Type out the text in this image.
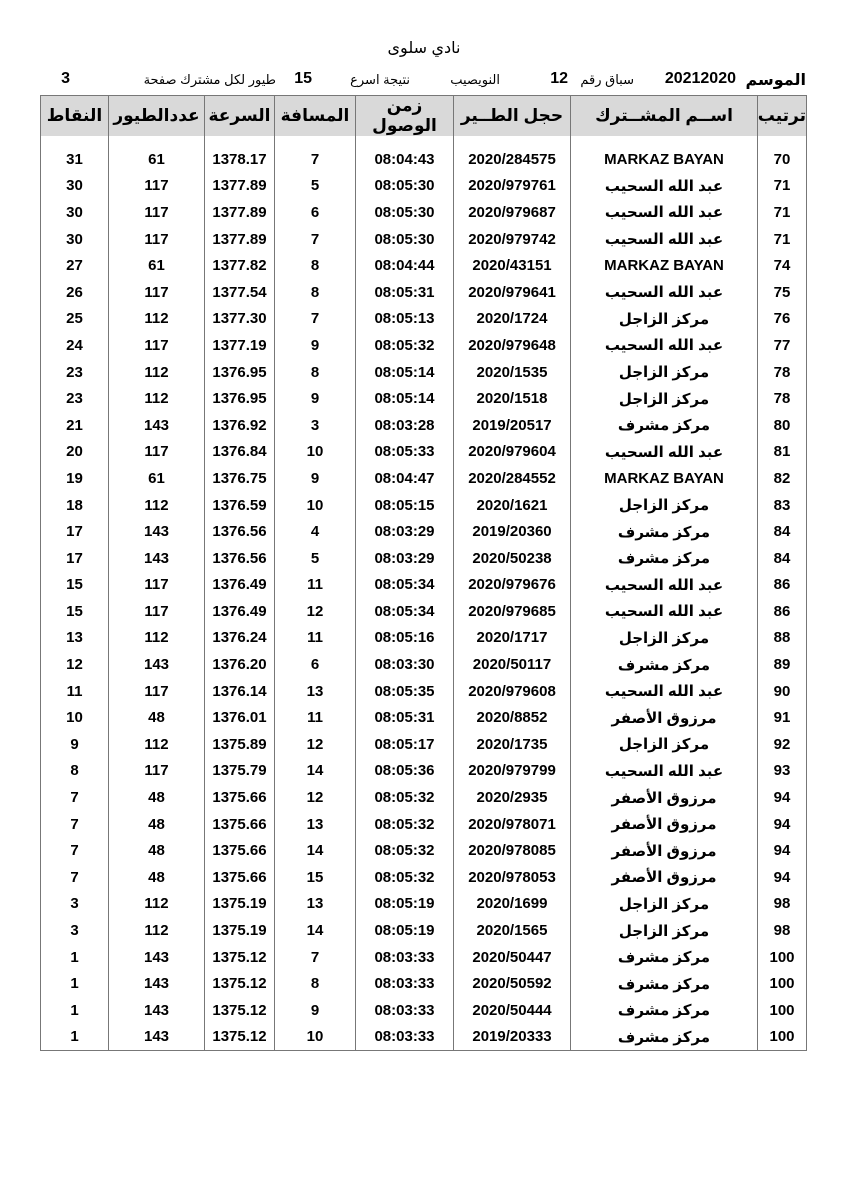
نادي سلوى
الموسم
20212020
سباق رقم
12
النويصيب
نتيجة اسرع
15
طيور لكل مشترك صفحة
3
النقاط	عددالطيور	السرعة	المسافة	زمن الوصول	حجل الطــير	اســم المشــترك	ترتيب

31	61	1378.17	7	08:04:43	2020/284575	MARKAZ BAYAN	70
30	117	1377.89	5	08:05:30	2020/979761	عبد الله السحيب	71
30	117	1377.89	6	08:05:30	2020/979687	عبد الله السحيب	71
30	117	1377.89	7	08:05:30	2020/979742	عبد الله السحيب	71
27	61	1377.82	8	08:04:44	2020/43151	MARKAZ BAYAN	74
26	117	1377.54	8	08:05:31	2020/979641	عبد الله السحيب	75
25	112	1377.30	7	08:05:13	2020/1724	مركز الزاجل	76
24	117	1377.19	9	08:05:32	2020/979648	عبد الله السحيب	77
23	112	1376.95	8	08:05:14	2020/1535	مركز الزاجل	78
23	112	1376.95	9	08:05:14	2020/1518	مركز الزاجل	78
21	143	1376.92	3	08:03:28	2019/20517	مركز مشرف	80
20	117	1376.84	10	08:05:33	2020/979604	عبد الله السحيب	81
19	61	1376.75	9	08:04:47	2020/284552	MARKAZ BAYAN	82
18	112	1376.59	10	08:05:15	2020/1621	مركز الزاجل	83
17	143	1376.56	4	08:03:29	2019/20360	مركز مشرف	84
17	143	1376.56	5	08:03:29	2020/50238	مركز مشرف	84
15	117	1376.49	11	08:05:34	2020/979676	عبد الله السحيب	86
15	117	1376.49	12	08:05:34	2020/979685	عبد الله السحيب	86
13	112	1376.24	11	08:05:16	2020/1717	مركز الزاجل	88
12	143	1376.20	6	08:03:30	2020/50117	مركز مشرف	89
11	117	1376.14	13	08:05:35	2020/979608	عبد الله السحيب	90
10	48	1376.01	11	08:05:31	2020/8852	مرزوق الأصفر	91
9	112	1375.89	12	08:05:17	2020/1735	مركز الزاجل	92
8	117	1375.79	14	08:05:36	2020/979799	عبد الله السحيب	93
7	48	1375.66	12	08:05:32	2020/2935	مرزوق الأصفر	94
7	48	1375.66	13	08:05:32	2020/978071	مرزوق الأصفر	94
7	48	1375.66	14	08:05:32	2020/978085	مرزوق الأصفر	94
7	48	1375.66	15	08:05:32	2020/978053	مرزوق الأصفر	94
3	112	1375.19	13	08:05:19	2020/1699	مركز الزاجل	98
3	112	1375.19	14	08:05:19	2020/1565	مركز الزاجل	98
1	143	1375.12	7	08:03:33	2020/50447	مركز مشرف	100
1	143	1375.12	8	08:03:33	2020/50592	مركز مشرف	100
1	143	1375.12	9	08:03:33	2020/50444	مركز مشرف	100
1	143	1375.12	10	08:03:33	2019/20333	مركز مشرف	100
